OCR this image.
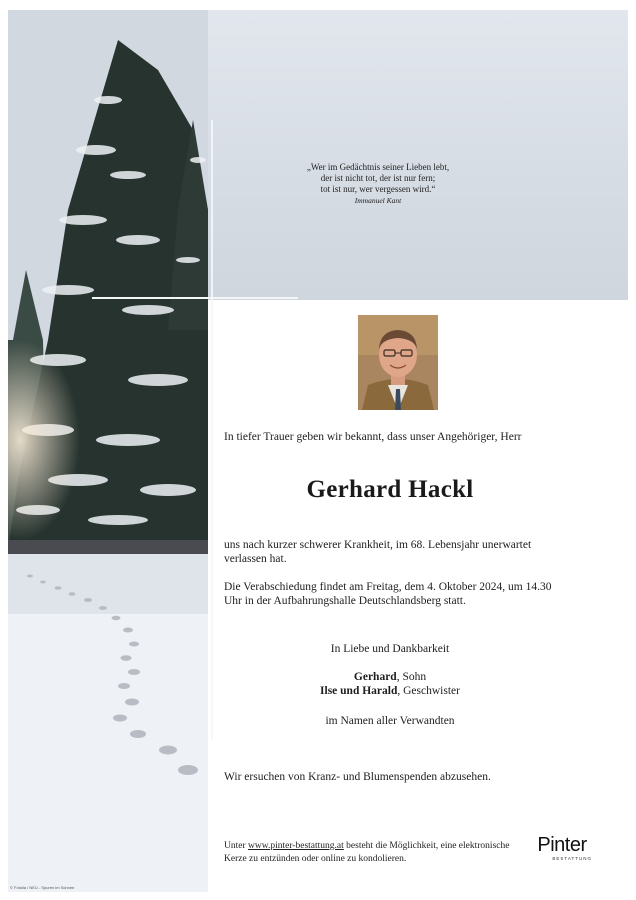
© Fotolia / NEU - Spuren im Schnee
„Wer im Gedächtnis seiner Lieben lebt,
der ist nicht tot, der ist nur fern;
tot ist nur, wer vergessen wird.“
Immanuel Kant
In tiefer Trauer geben wir bekannt, dass unser Angehöriger, Herr
Gerhard Hackl
uns nach kurzer schwerer Krankheit, im 68. Lebensjahr unerwartet verlassen hat.
Die Verabschiedung findet am Freitag, dem 4. Oktober 2024, um 14.30 Uhr in der Aufbahrungshalle Deutschlandsberg statt.
In Liebe und Dankbarkeit
Gerhard, Sohn
Ilse und Harald, Geschwister
im Namen aller Verwandten
Wir ersuchen von Kranz- und Blumenspenden abzusehen.
Unter www.pinter-bestattung.at besteht die Möglichkeit, eine elektronische Kerze zu entzünden oder online zu kondolieren.
Pinter
BESTATTUNG
